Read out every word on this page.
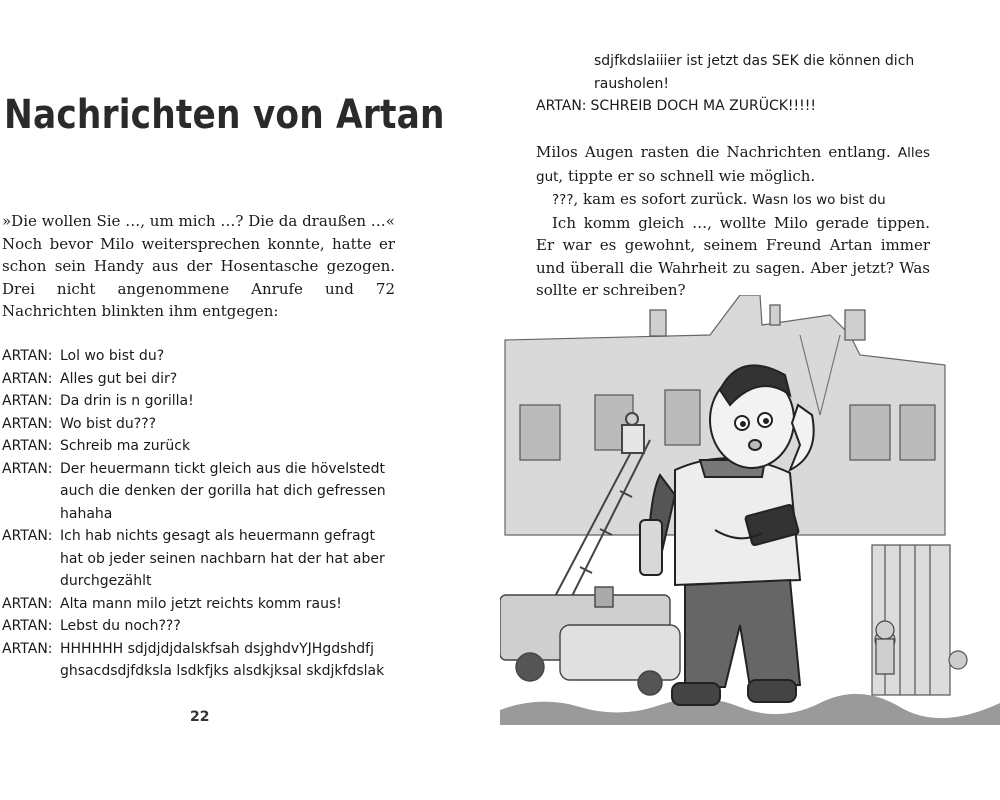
Nachrichten von Artan

»Die wollen Sie …, um mich …? Die da draußen …« Noch bevor Milo weitersprechen konnte, hatte er schon sein Handy aus der Hosentasche gezogen. Drei nicht angenommene Anrufe und 72 Nachrichten blinkten ihm entgegen:

ARTAN: Lol wo bist du?
ARTAN: Alles gut bei dir?
ARTAN: Da drin is n gorilla!
ARTAN: Wo bist du???
ARTAN: Schreib ma zurück
ARTAN: Der heuermann tickt gleich aus die hövelstedt
auch die denken der gorilla hat dich gefressen
hahaha
ARTAN: Ich hab nichts gesagt als heuermann gefragt
hat ob jeder seinen nachbarn hat der hat aber
durchgezählt
ARTAN: Alta mann milo jetzt reichts komm raus!
ARTAN: Lebst du noch???
ARTAN: HHHHHH sdjdjdjdalskfsah dsjghdvYJHgdshdfj
ghsacdsdjfdksla lsdkfjks alsdkjksal skdjkfdslak
22
sdjfkdslaiiier ist jetzt das SEK die können dich
rausholen!
ARTAN: SCHREIB DOCH MA ZURÜCK!!!!!

Milos Augen rasten die Nachrichten entlang. Alles gut, tippte er so schnell wie möglich.

???, kam es sofort zurück. Wasn los wo bist du

Ich komm gleich …, wollte Milo gerade tippen. Er war es gewohnt, seinem Freund Artan immer und überall die Wahrheit zu sagen. Aber jetzt? Was sollte er schreiben?
